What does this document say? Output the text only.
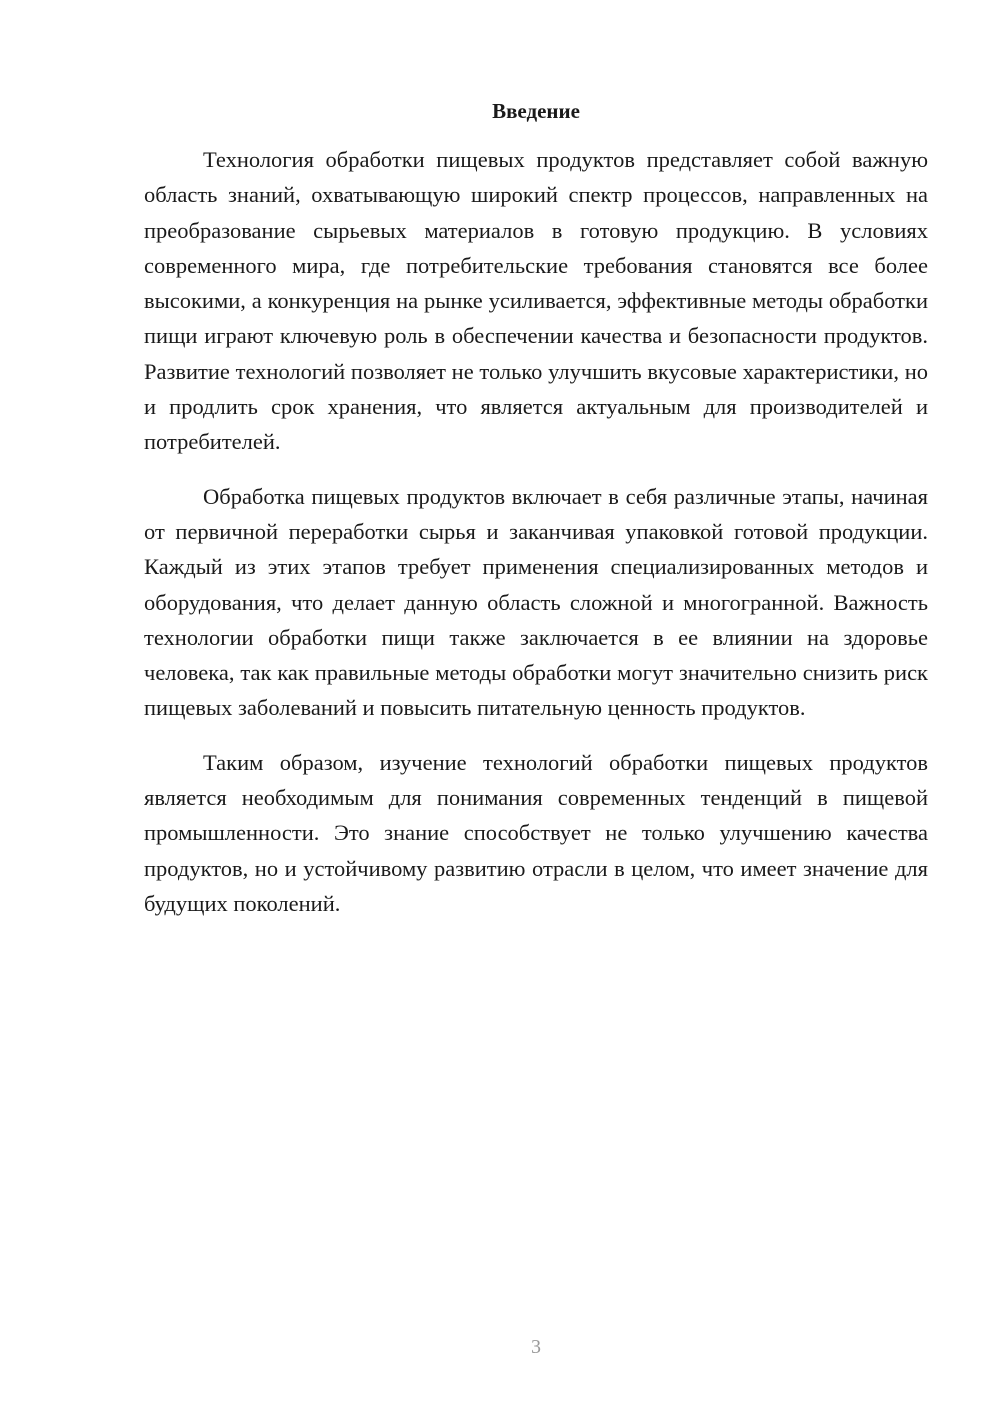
Введение

Технология обработки пищевых продуктов представляет собой важную область знаний, охватывающую широкий спектр процессов, направленных на преобразование сырьевых материалов в готовую продукцию. В условиях современного мира, где потребительские требования становятся все более высокими, а конкуренция на рынке усиливается, эффективные методы обработки пищи играют ключевую роль в обеспечении качества и безопасности продуктов. Развитие технологий позволяет не только улучшить вкусовые характеристики, но и продлить срок хранения, что является актуальным для производителей и потребителей.

Обработка пищевых продуктов включает в себя различные этапы, начиная от первичной переработки сырья и заканчивая упаковкой готовой продукции. Каждый из этих этапов требует применения специализированных методов и оборудования, что делает данную область сложной и многогранной. Важность технологии обработки пищи также заключается в ее влиянии на здоровье человека, так как правильные методы обработки могут значительно снизить риск пищевых заболеваний и повысить питательную ценность продуктов.

Таким образом, изучение технологий обработки пищевых продуктов является необходимым для понимания современных тенденций в пищевой промышленности. Это знание способствует не только улучшению качества продуктов, но и устойчивому развитию отрасли в целом, что имеет значение для будущих поколений.

3
